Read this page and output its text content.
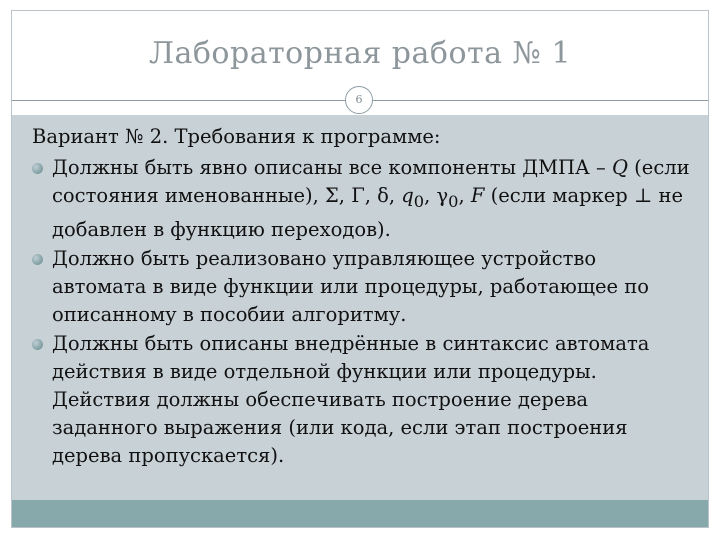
Лабораторная работа № 1
6
Вариант № 2. Требования к программе:
Должны быть явно описаны все компоненты ДМПА – Q (если состояния именованные), Σ, Γ, δ, $q_0$, $\gamma_0$, F (если маркер ⊥ не добавлен в функцию переходов).
Должно быть реализовано управляющее устройство автомата в виде функции или процедуры, работающее по описанному в пособии алгоритму.
Должны быть описаны внедрённые в синтаксис автомата действия в виде отдельной функции или процедуры. Действия должны обеспечивать построение дерева заданного выражения (или кода, если этап построения дерева пропускается).
